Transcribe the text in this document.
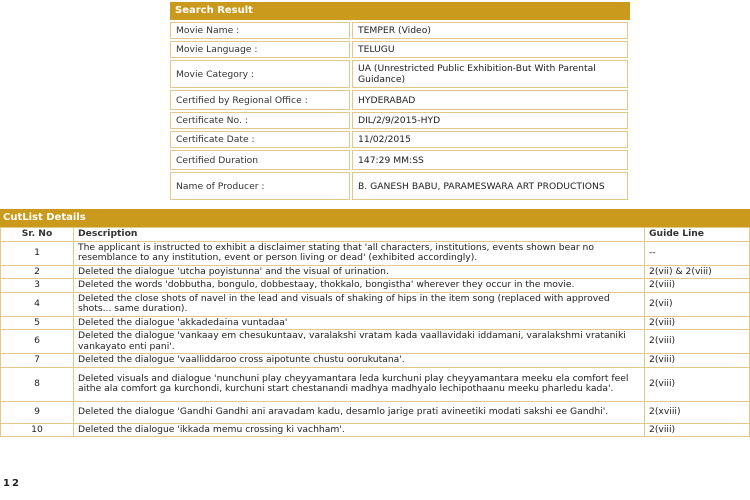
Search Result
Movie Name :	TEMPER (Video)
Movie Language :	TELUGU
Movie Category :	UA (Unrestricted Public Exhibition-But With Parental Guidance)
Certified by Regional Office :	HYDERABAD
Certificate No. :	DIL/2/9/2015-HYD
Certificate Date :	11/02/2015
Certified Duration	147:29 MM:SS
Name of Producer :	B. GANESH BABU, PARAMESWARA ART PRODUCTIONS
CutList Details
Sr. No	Description	Guide Line
1	The applicant is instructed to exhibit a disclaimer stating that 'all characters, institutions, events shown bear no resemblance to any institution, event or person living or dead' (exhibited accordingly).	--
2	Deleted the dialogue 'utcha poyistunna' and the visual of urination.	2(vii) & 2(viii)
3	Deleted the words 'dobbutha, bongulo, dobbestaay, thokkalo, bongistha' wherever they occur in the movie.	2(viii)
4	Deleted the close shots of navel in the lead and visuals of shaking of hips in the item song (replaced with approved shots... same duration).	2(vii)
5	Deleted the dialogue 'akkadedaina vuntadaa'	2(viii)
6	Deleted the dialogue 'vankaay em chesukuntaav, varalakshi vratam kada vaallavidaki iddamani, varalakshmi vrataniki vankayato enti pani'.	2(viii)
7	Deleted the dialogue 'vaalliddaroo cross aipotunte chustu oorukutana'.	2(viii)
8	Deleted visuals and dialogue 'nunchuni play cheyyamantara leda kurchuni play cheyyamantara meeku ela comfort feel aithe ala comfort ga kurchondi, kurchuni start chestanandi madhya madhyalo lechipothaanu meeku pharledu kada'.	2(viii)
9	Deleted the dialogue 'Gandhi Gandhi ani aravadam kadu, desamlo jarige prati avineetiki modati sakshi ee Gandhi'.	2(xviii)
10	Deleted the dialogue 'ikkada memu crossing ki vachham'.	2(viii)
1 2
